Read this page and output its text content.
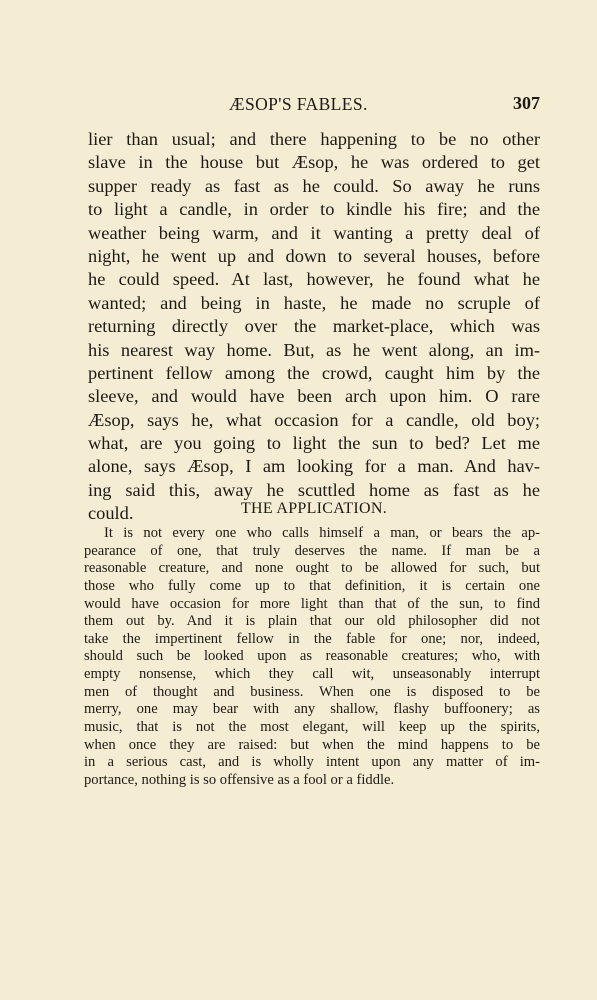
ÆSOP'S FABLES.	307
lier than usual; and there happening to be no other
slave in the house but Æsop, he was ordered to get
supper ready as fast as he could. So away he runs
to light a candle, in order to kindle his fire; and the
weather being warm, and it wanting a pretty deal of
night, he went up and down to several houses, before
he could speed. At last, however, he found what he
wanted; and being in haste, he made no scruple of
returning directly over the market-place, which was
his nearest way home. But, as he went along, an im-
pertinent fellow among the crowd, caught him by the
sleeve, and would have been arch upon him. O rare
Æsop, says he, what occasion for a candle, old boy;
what, are you going to light the sun to bed? Let me
alone, says Æsop, I am looking for a man. And hav-
ing said this, away he scuttled home as fast as he
could.	THE APPLICATION.
It is not every one who calls himself a man, or bears the ap-
pearance of one, that truly deserves the name. If man be a
reasonable creature, and none ought to be allowed for such, but
those who fully come up to that definition, it is certain one
would have occasion for more light than that of the sun, to find
them out by. And it is plain that our old philosopher did not
take the impertinent fellow in the fable for one; nor, indeed,
should such be looked upon as reasonable creatures; who, with
empty nonsense, which they call wit, unseasonably interrupt
men of thought and business. When one is disposed to be
merry, one may bear with any shallow, flashy buffoonery; as
music, that is not the most elegant, will keep up the spirits,
when once they are raised: but when the mind happens to be
in a serious cast, and is wholly intent upon any matter of im-
portance, nothing is so offensive as a fool or a fiddle.
